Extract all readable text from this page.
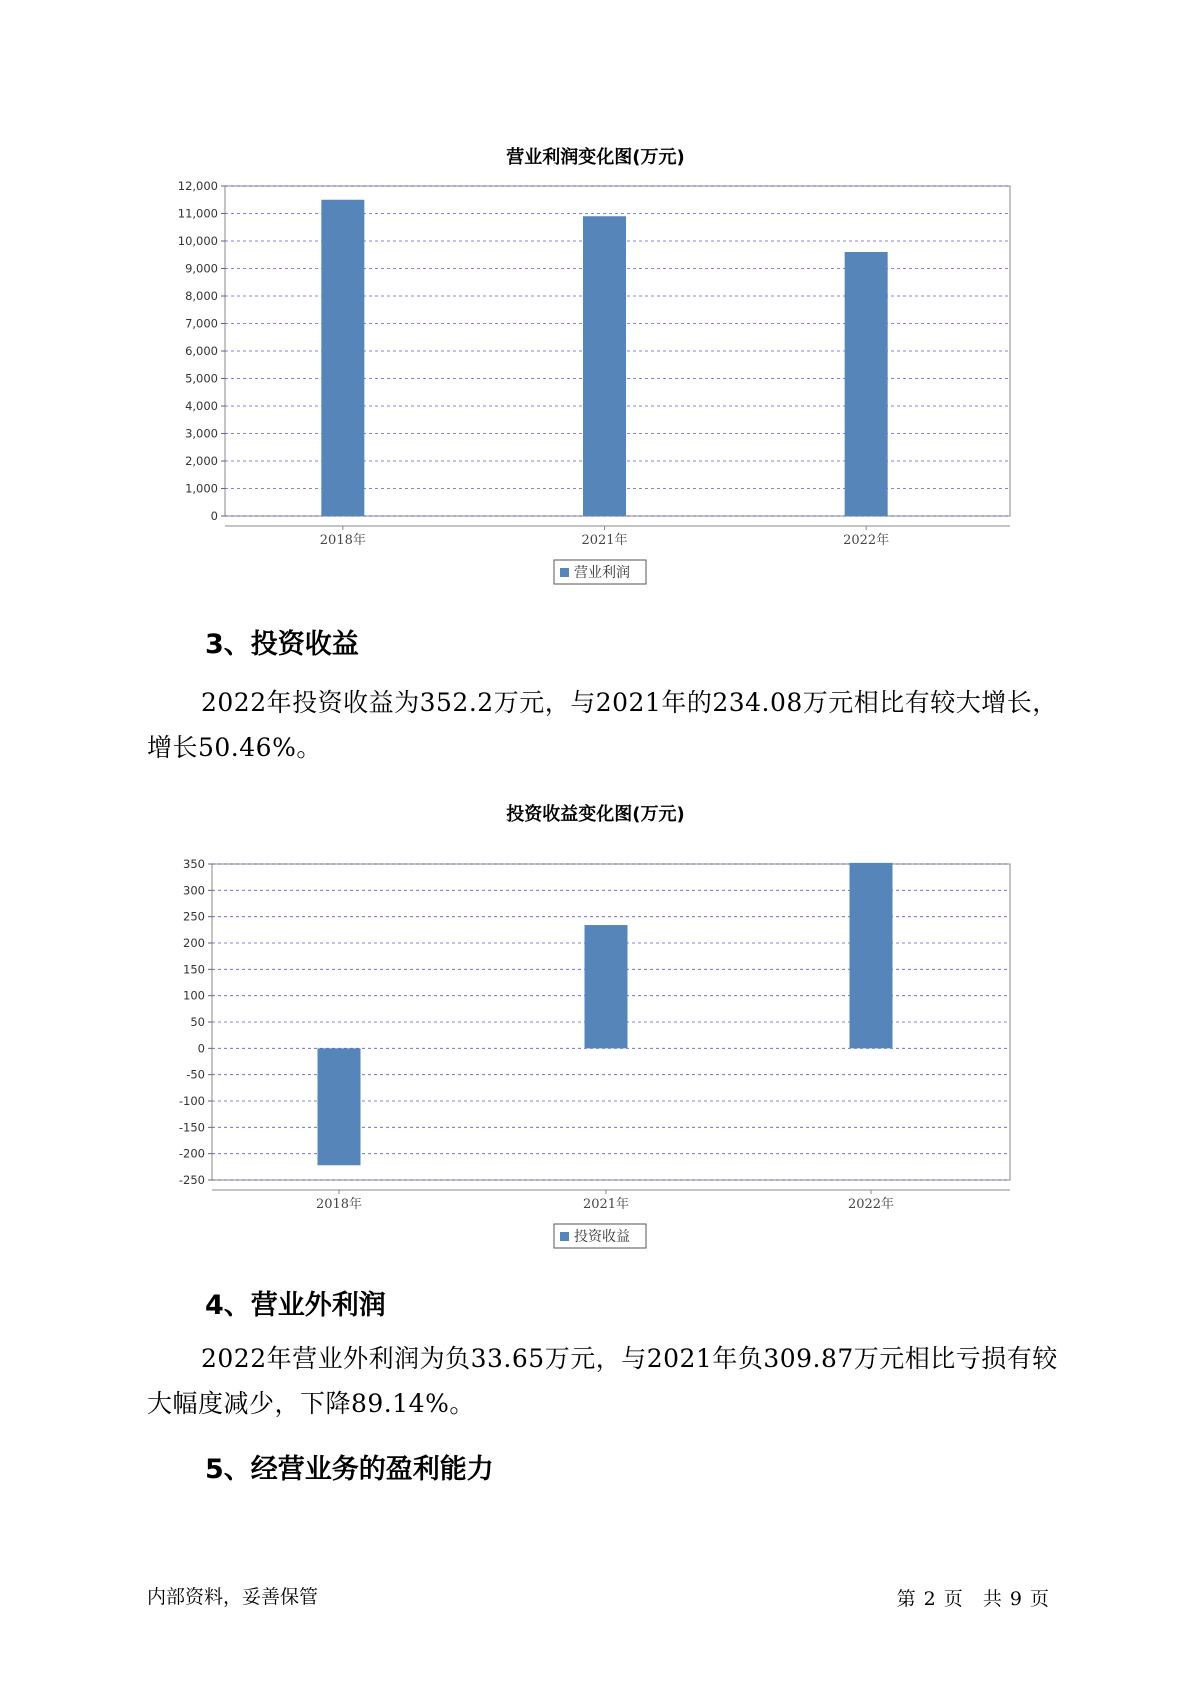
营业利润变化图(万元)
0
1,000
2,000
3,000
4,000
5,000
6,000
7,000
8,000
9,000
10,000
11,000
12,000
2018年	2021年	2022年
营业利润
3、投资收益

2022年投资收益为352.2万元，与2021年的234.08万元相比有较大增长，增长50.46%。

投资收益变化图(万元)
-250
-200
-150
-100
-50
0
50
100
150
200
250
300
350
2018年	2021年	2022年
投资收益
4、营业外利润

2022年营业外利润为负33.65万元，与2021年负309.87万元相比亏损有较大幅度减少，下降89.14%。

5、经营业务的盈利能力
内部资料，妥善保管	第 2 页 共 9 页
